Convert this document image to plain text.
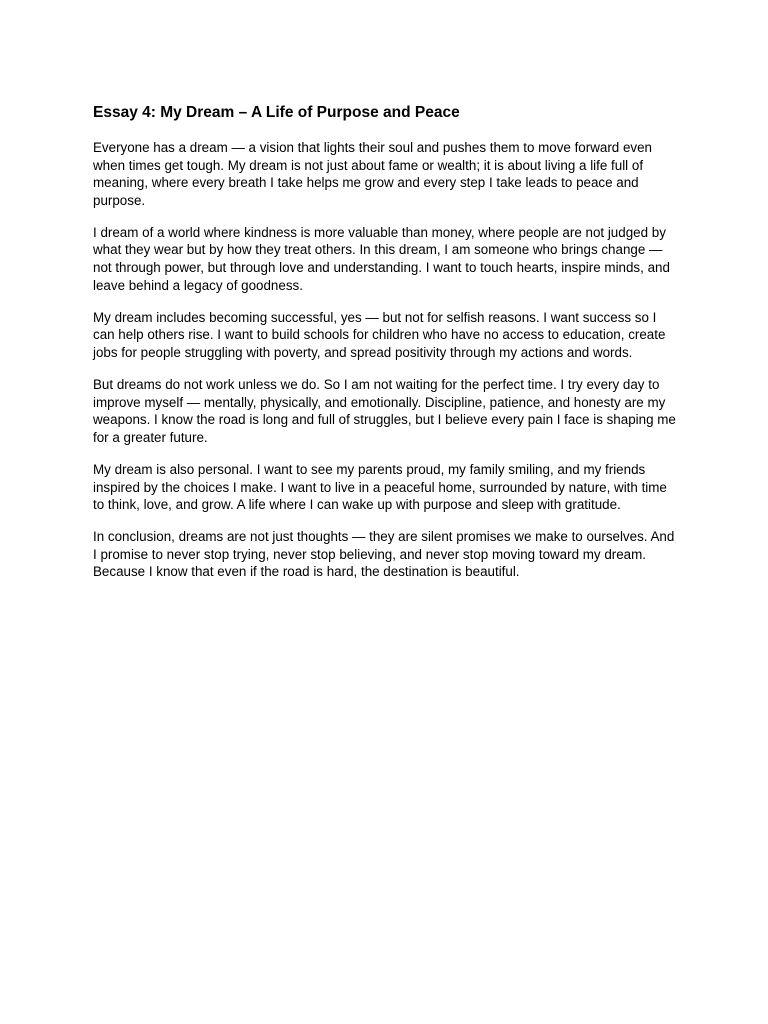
Essay 4: My Dream – A Life of Purpose and Peace

Everyone has a dream — a vision that lights their soul and pushes them to move forward even when times get tough. My dream is not just about fame or wealth; it is about living a life full of meaning, where every breath I take helps me grow and every step I take leads to peace and purpose.

I dream of a world where kindness is more valuable than money, where people are not judged by what they wear but by how they treat others. In this dream, I am someone who brings change — not through power, but through love and understanding. I want to touch hearts, inspire minds, and leave behind a legacy of goodness.

My dream includes becoming successful, yes — but not for selfish reasons. I want success so I can help others rise. I want to build schools for children who have no access to education, create jobs for people struggling with poverty, and spread positivity through my actions and words.

But dreams do not work unless we do. So I am not waiting for the perfect time. I try every day to improve myself — mentally, physically, and emotionally. Discipline, patience, and honesty are my weapons. I know the road is long and full of struggles, but I believe every pain I face is shaping me for a greater future.

My dream is also personal. I want to see my parents proud, my family smiling, and my friends inspired by the choices I make. I want to live in a peaceful home, surrounded by nature, with time to think, love, and grow. A life where I can wake up with purpose and sleep with gratitude.

In conclusion, dreams are not just thoughts — they are silent promises we make to ourselves. And I promise to never stop trying, never stop believing, and never stop moving toward my dream. Because I know that even if the road is hard, the destination is beautiful.
